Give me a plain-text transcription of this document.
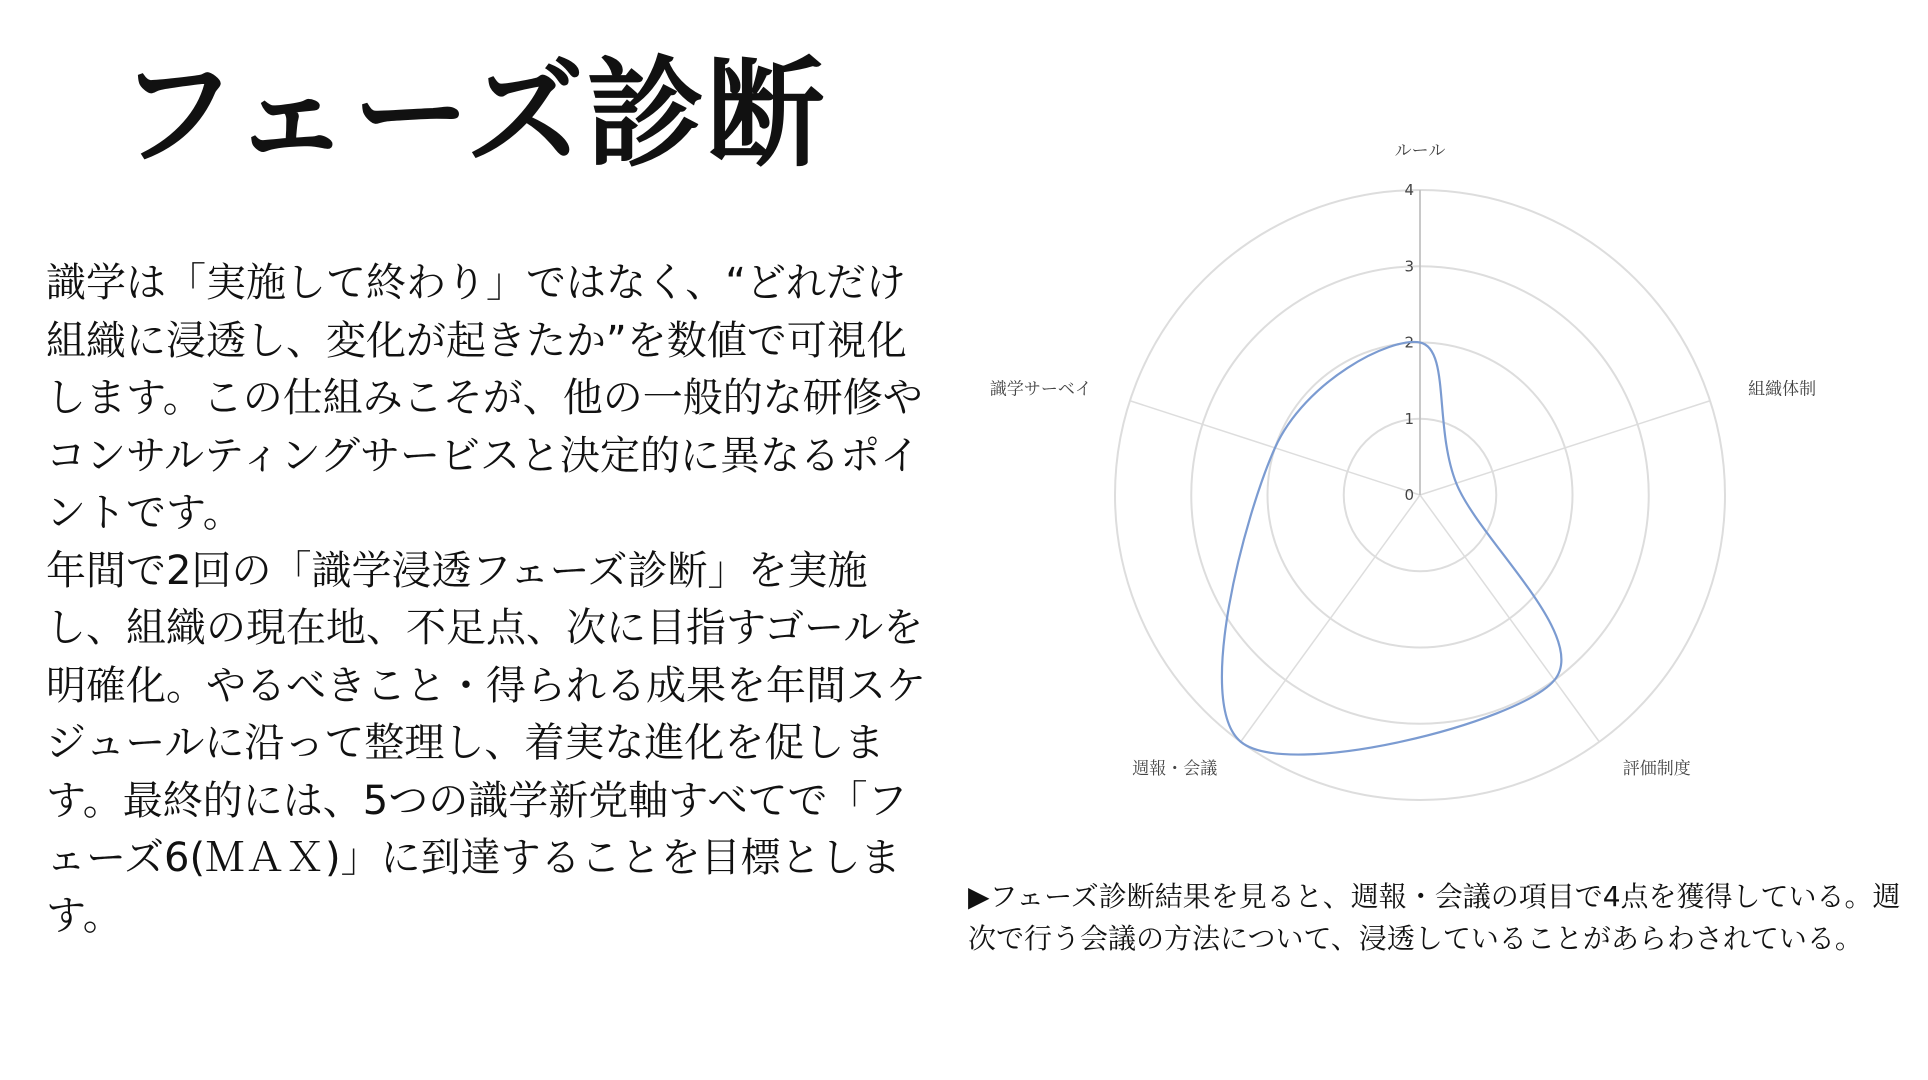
フェーズ診断

識学は「実施して終わり」ではなく、“どれだけ組織に浸透し、変化が起きたか”を数値で可視化します。この仕組みこそが、他の一般的な研修やコンサルティングサービスと決定的に異なるポイントです。

年間で2回の「識学浸透フェーズ診断」を実施し、組織の現在地、不足点、次に目指すゴールを明確化。やるべきこと・得られる成果を年間スケジュールに沿って整理し、着実な進化を促します。最終的には、5つの識学新党軸すべてで「フェーズ6(ＭＡＸ)」に到達することを目標とします。

0
1
2
3
4
ルール
組織体制
評価制度
週報・会議
識学サーベイ

▶フェーズ診断結果を見ると、週報・会議の項目で4点を獲得している。週次で行う会議の方法について、浸透していることがあらわされている。
